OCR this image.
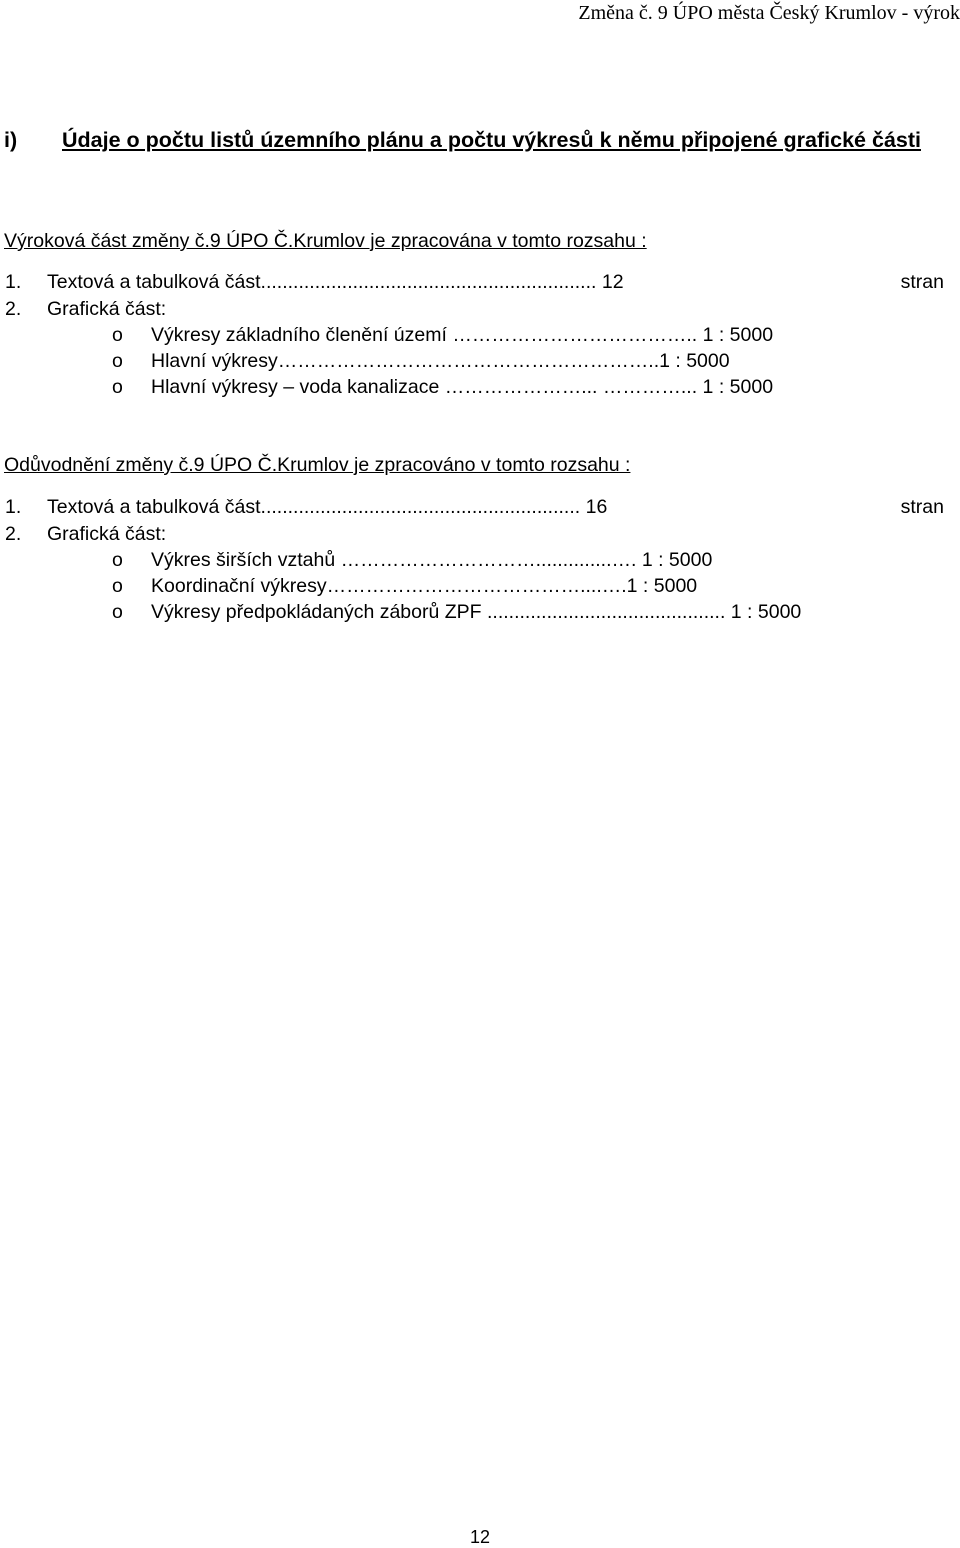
Změna č. 9 ÚPO města Český Krumlov - výrok
i) Údaje o počtu listů územního plánu a počtu výkresů k němu připojené grafické části
Výroková část změny č.9 ÚPO Č.Krumlov je zpracována v tomto rozsahu :
1. Textová a tabulková část.............................................................. 12	stran
2. Grafická část:
o Výkresy základního členění území ……………………………….. 1 : 5000
o Hlavní výkresy…………………………………………………..1 : 5000
o Hlavní výkresy – voda kanalizace …………………... …………... 1 : 5000
Odůvodnění změny č.9 ÚPO Č.Krumlov je zpracováno v tomto rozsahu :
1. Textová a tabulková část........................................................... 16	stran
2. Grafická část:
o Výkres širších vztahů …………………………..............…. 1 : 5000
o Koordinační výkresy…………………………………....….1 : 5000
o Výkresy předpokládaných záborů ZPF ............................................ 1 : 5000
12
